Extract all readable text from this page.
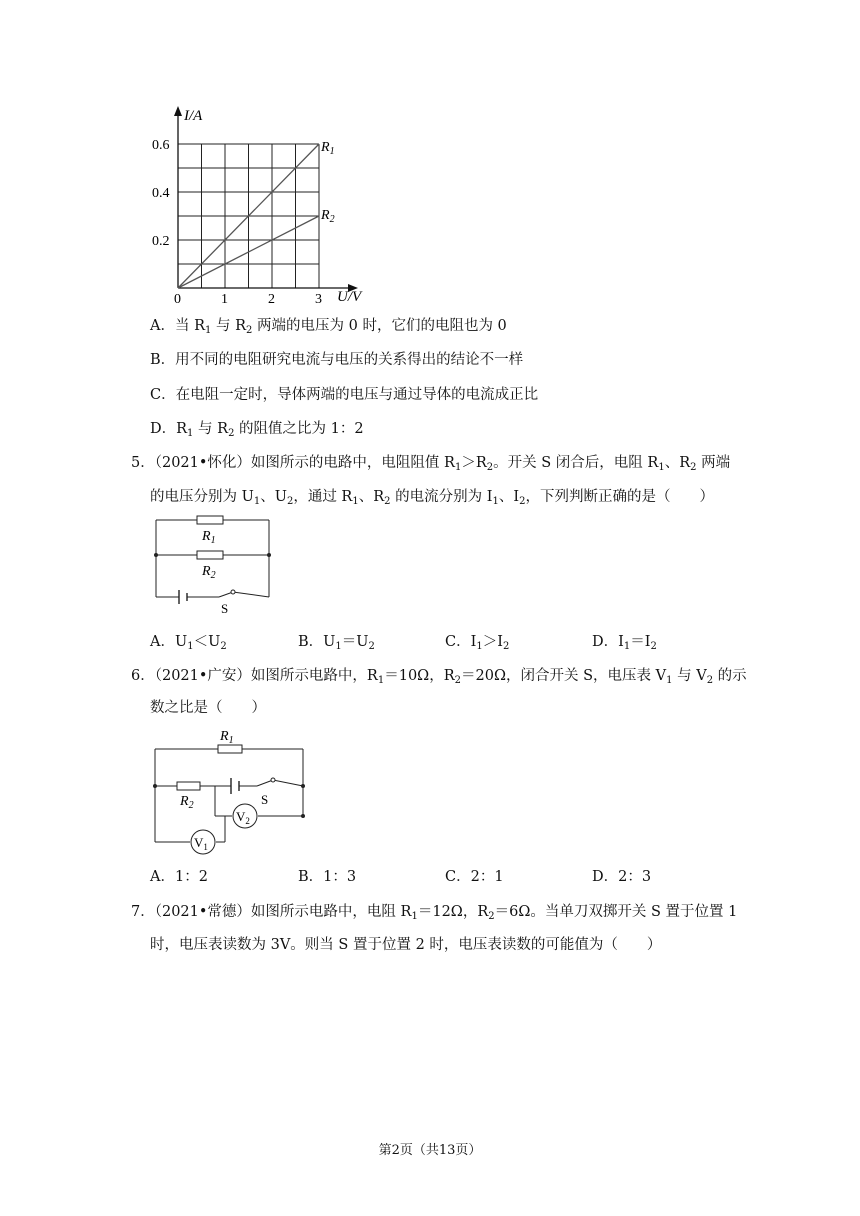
0.6
0.4
0.2
0	1	2	3
I/A
U/V
$R_1$
$R_2$
A．当 $R_1$ 与 $R_2$ 两端的电压为 0 时，它们的电阻也为 0
B．用不同的电阻研究电流与电压的关系得出的结论不一样
C．在电阻一定时，导体两端的电压与通过导体的电流成正比
D．$R_1$ 与 $R_2$ 的阻值之比为 1：2
5．（2021•怀化）如图所示的电路中，电阻阻值 $R_1>R_2$。开关 S 闭合后，电阻 $R_1$、$R_2$ 两端
的电压分别为 $U_1$、$U_2$，通过 $R_1$、$R_2$ 的电流分别为 $I_1$、$I_2$，下列判断正确的是（　　）
$R_1$
$R_2$
S
A．$U_1<U_2$	B．$U_1=U_2$	C．$I_1>I_2$	D．$I_1=I_2$
6．（2021•广安）如图所示电路中，$R_1=10\Omega$，$R_2=20\Omega$，闭合开关 S，电压表 $V_1$ 与 $V_2$ 的示
数之比是（　　）
$V_2$
$V_1$
$R_1$
$R_2$	S
A．1：2	B．1：3	C．2：1	D．2：3
7．（2021•常德）如图所示电路中，电阻 $R_1=12\Omega$，$R_2=6\Omega$。当单刀双掷开关 S 置于位置 1
时，电压表读数为 3V。则当 S 置于位置 2 时，电压表读数的可能值为（　　）
第2页（共13页）
